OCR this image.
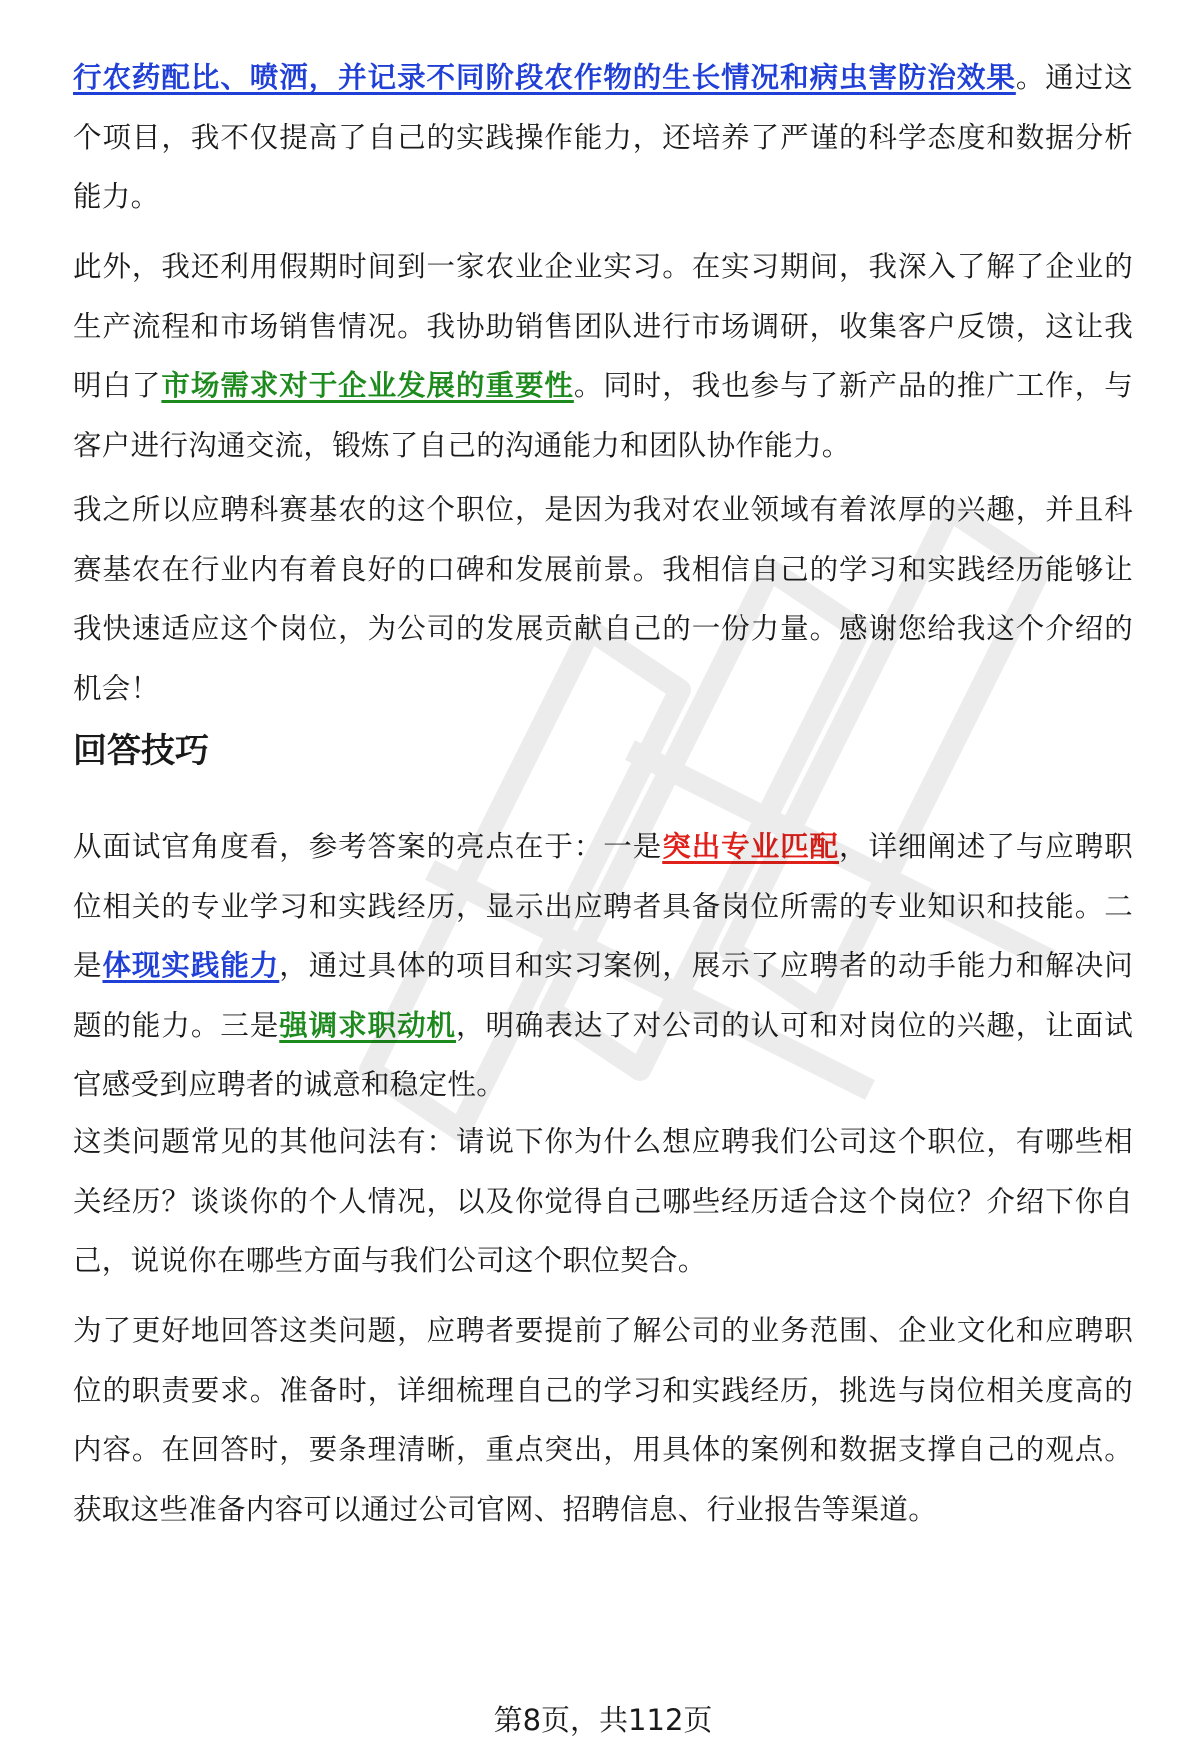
行农药配比、喷洒，并记录不同阶段农作物的生长情况和病虫害防治效果。通过这个项目，我不仅提高了自己的实践操作能力，还培养了严谨的科学态度和数据分析能力。

此外，我还利用假期时间到一家农业企业实习。在实习期间，我深入了解了企业的生产流程和市场销售情况。我协助销售团队进行市场调研，收集客户反馈，这让我明白了市场需求对于企业发展的重要性。同时，我也参与了新产品的推广工作，与客户进行沟通交流，锻炼了自己的沟通能力和团队协作能力。

我之所以应聘科赛基农的这个职位，是因为我对农业领域有着浓厚的兴趣，并且科赛基农在行业内有着良好的口碑和发展前景。我相信自己的学习和实践经历能够让我快速适应这个岗位，为公司的发展贡献自己的一份力量。感谢您给我这个介绍的机会！

回答技巧

从面试官角度看，参考答案的亮点在于：一是突出专业匹配，详细阐述了与应聘职位相关的专业学习和实践经历，显示出应聘者具备岗位所需的专业知识和技能。二是体现实践能力，通过具体的项目和实习案例，展示了应聘者的动手能力和解决问题的能力。三是强调求职动机，明确表达了对公司的认可和对岗位的兴趣，让面试官感受到应聘者的诚意和稳定性。

这类问题常见的其他问法有：请说下你为什么想应聘我们公司这个职位，有哪些相关经历？谈谈你的个人情况，以及你觉得自己哪些经历适合这个岗位？介绍下你自己，说说你在哪些方面与我们公司这个职位契合。

为了更好地回答这类问题，应聘者要提前了解公司的业务范围、企业文化和应聘职位的职责要求。准备时，详细梳理自己的学习和实践经历，挑选与岗位相关度高的内容。在回答时，要条理清晰，重点突出，用具体的案例和数据支撑自己的观点。获取这些准备内容可以通过公司官网、招聘信息、行业报告等渠道。

第8页，共112页
